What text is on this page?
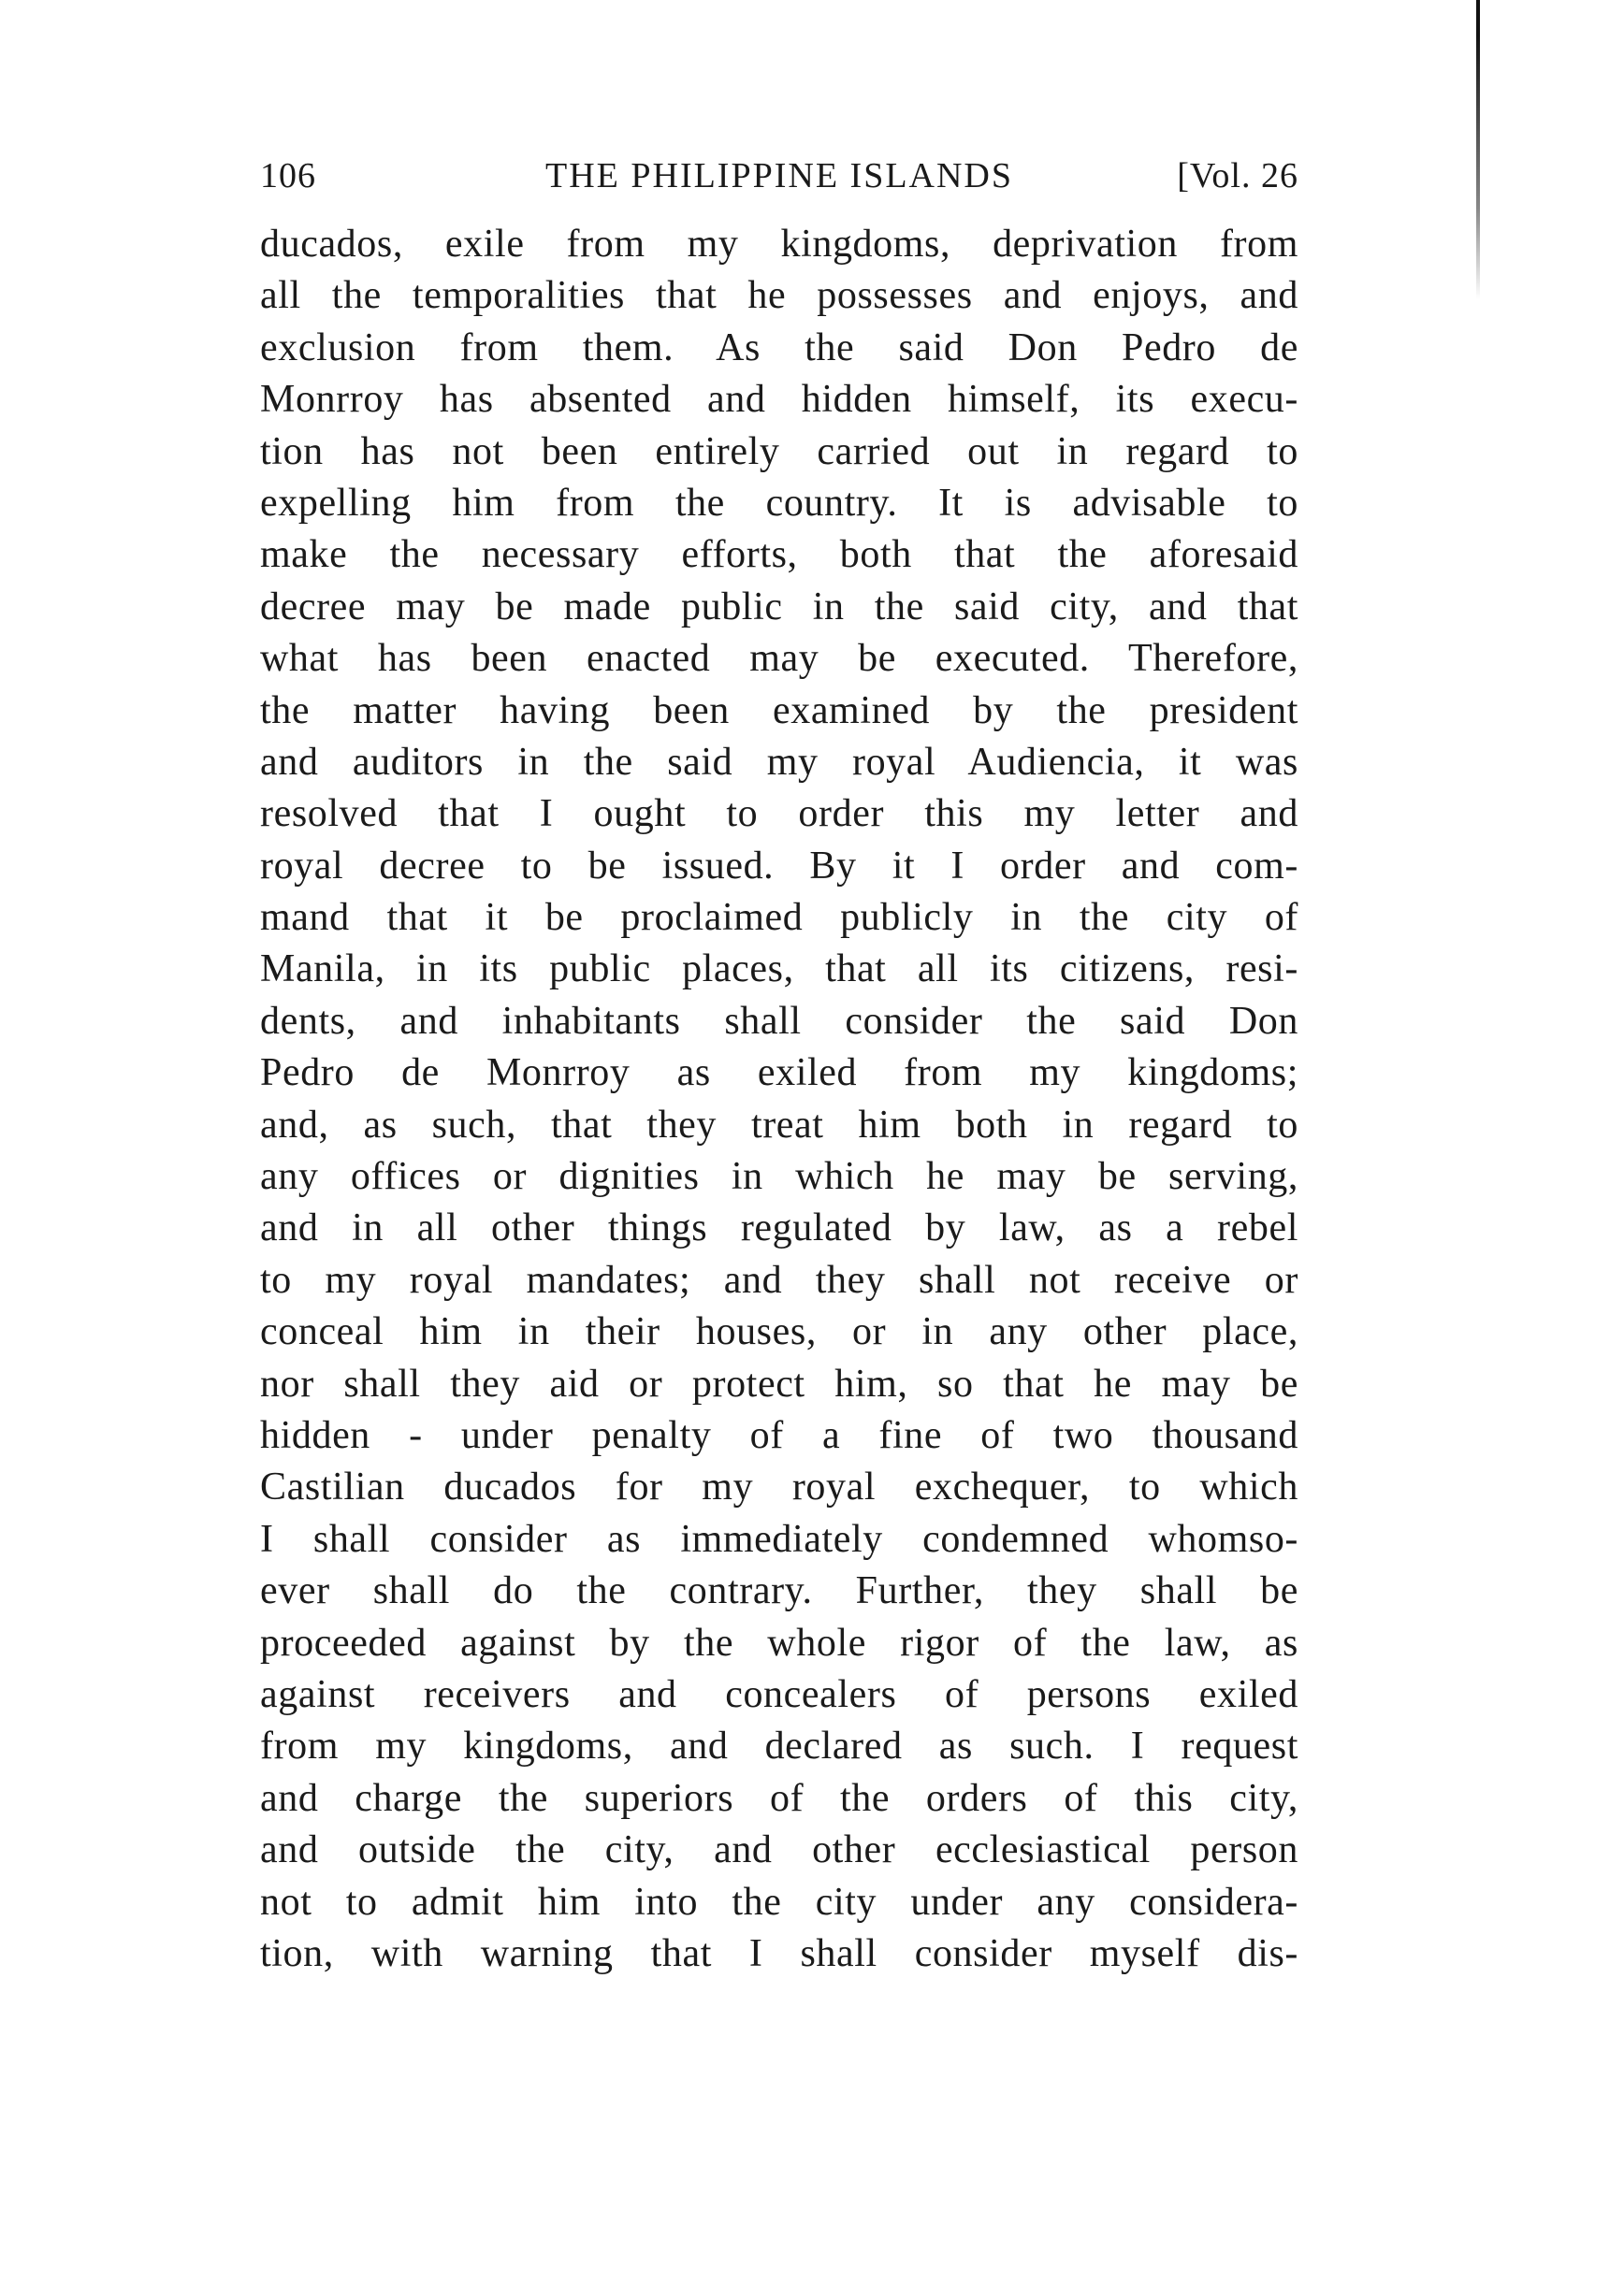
106	THE PHILIPPINE ISLANDS	[Vol. 26
ducados, exile from my kingdoms, deprivation from
all the temporalities that he possesses and enjoys, and
exclusion from them. As the said Don Pedro de
Monrroy has absented and hidden himself, its execu-
tion has not been entirely carried out in regard to
expelling him from the country. It is advisable to
make the necessary efforts, both that the aforesaid
decree may be made public in the said city, and that
what has been enacted may be executed. Therefore,
the matter having been examined by the president
and auditors in the said my royal Audiencia, it was
resolved that I ought to order this my letter and
royal decree to be issued. By it I order and com-
mand that it be proclaimed publicly in the city of
Manila, in its public places, that all its citizens, resi-
dents, and inhabitants shall consider the said Don
Pedro de Monrroy as exiled from my kingdoms;
and, as such, that they treat him both in regard to
any offices or dignities in which he may be serving,
and in all other things regulated by law, as a rebel
to my royal mandates; and they shall not receive or
conceal him in their houses, or in any other place,
nor shall they aid or protect him, so that he may be
hidden - under penalty of a fine of two thousand
Castilian ducados for my royal exchequer, to which
I shall consider as immediately condemned whomso-
ever shall do the contrary. Further, they shall be
proceeded against by the whole rigor of the law, as
against receivers and concealers of persons exiled
from my kingdoms, and declared as such. I request
and charge the superiors of the orders of this city,
and outside the city, and other ecclesiastical person
not to admit him into the city under any considera-
tion, with warning that I shall consider myself dis-
